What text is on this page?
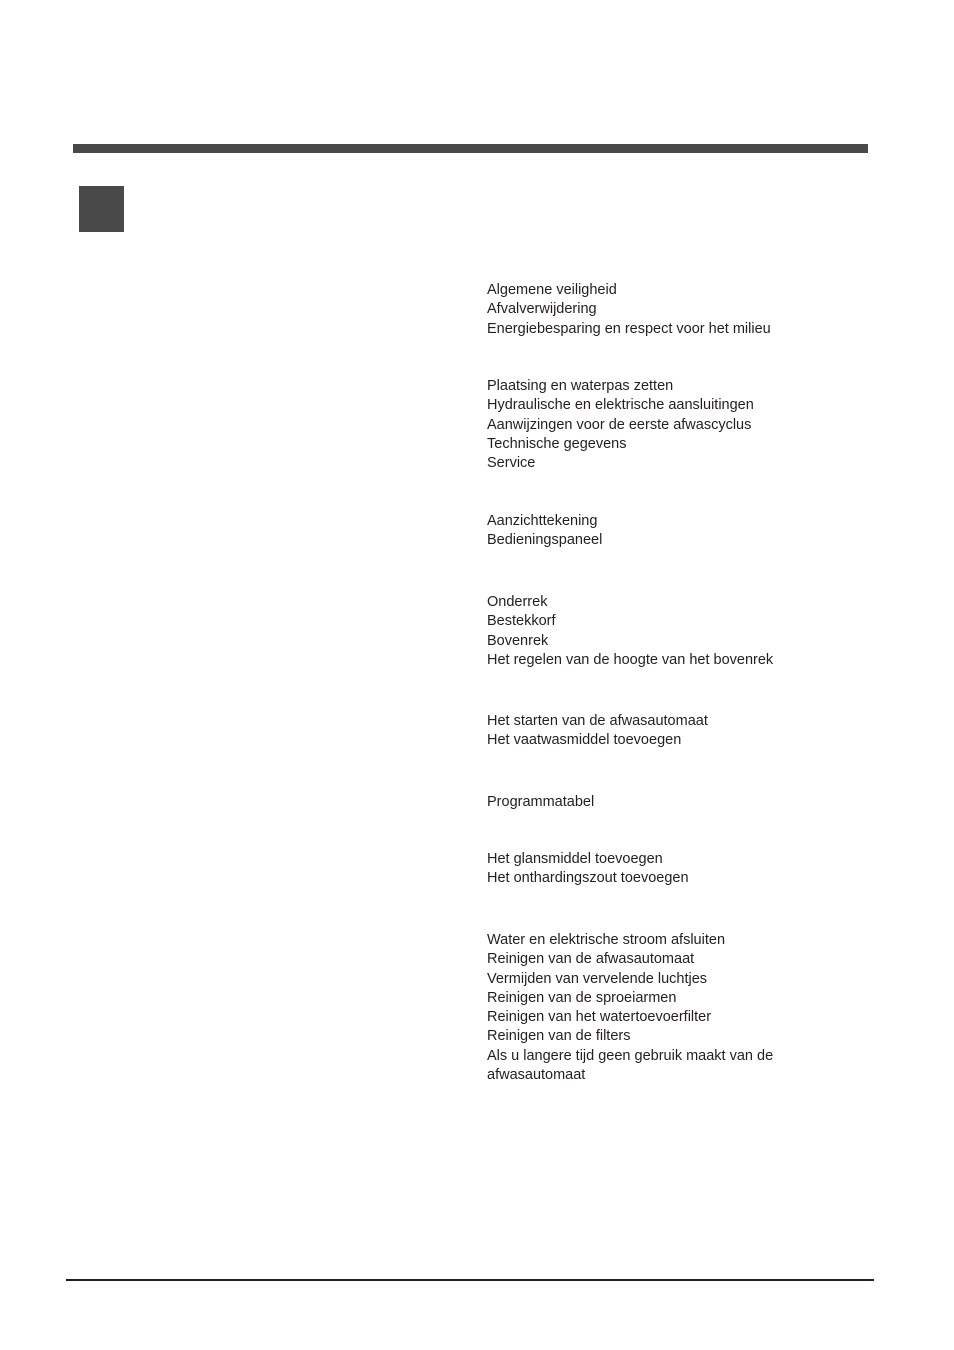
Algemene veiligheid
Afvalverwijdering
Energiebesparing en respect voor het milieu
Plaatsing en waterpas zetten
Hydraulische en elektrische aansluitingen
Aanwijzingen voor de eerste afwascyclus
Technische gegevens
Service
Aanzichttekening
Bedieningspaneel
Onderrek
Bestekkorf
Bovenrek
Het regelen van de hoogte van het bovenrek
Het starten van de afwasautomaat
Het vaatwasmiddel toevoegen
Programmatabel
Het glansmiddel toevoegen
Het onthardingszout toevoegen
Water en elektrische stroom afsluiten
Reinigen van de afwasautomaat
Vermijden van vervelende luchtjes
Reinigen van de sproeiarmen
Reinigen van het watertoevoerfilter
Reinigen van de filters
Als u langere tijd geen gebruik maakt van de afwasautomaat
